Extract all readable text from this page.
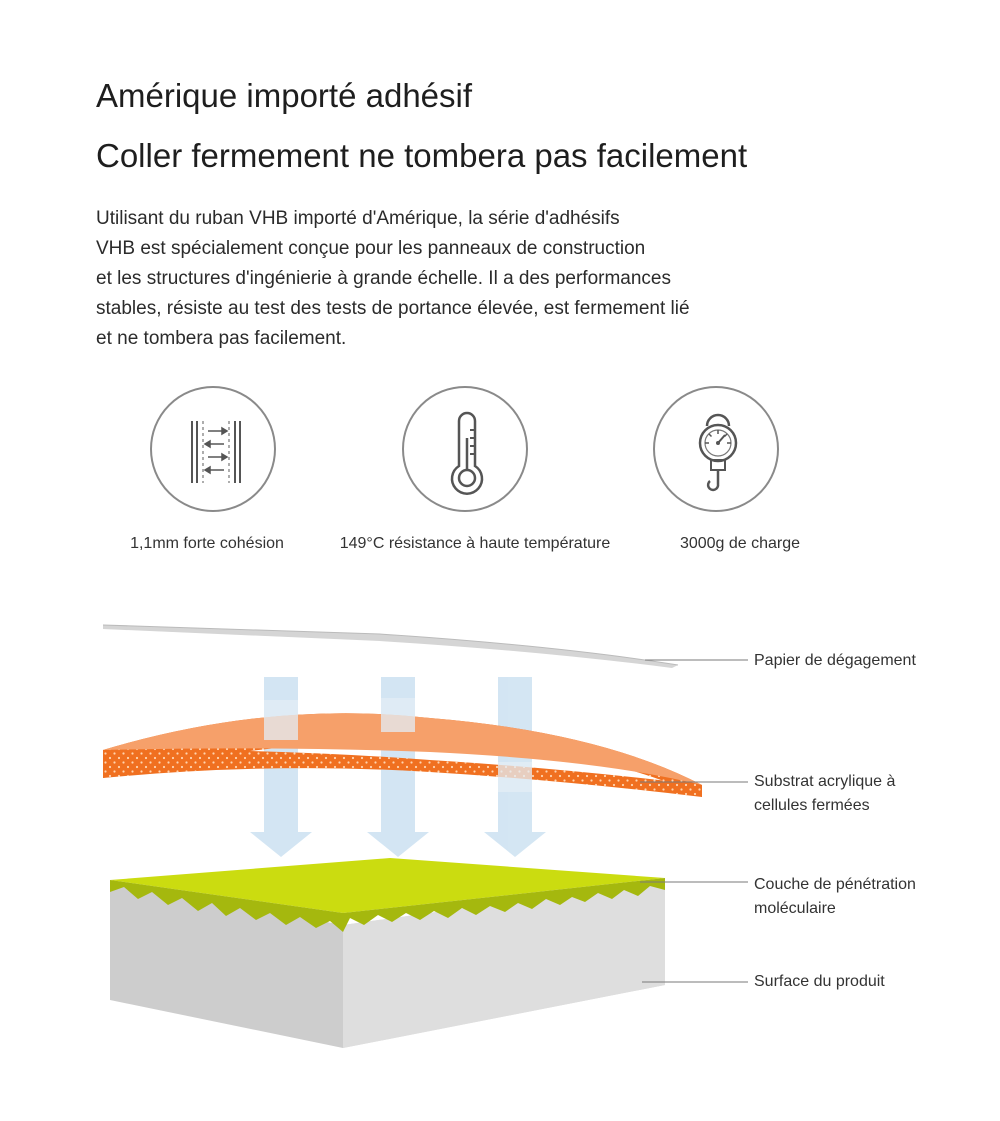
Amérique importé adhésif
Coller fermement ne tombera pas facilement
Utilisant du ruban VHB importé d'Amérique, la série d'adhésifs
VHB est spécialement conçue pour les panneaux de construction
et les structures d'ingénierie à grande échelle. Il a des performances
stables, résiste au test des tests de portance élevée, est fermement lié
et ne tombera pas facilement.
1,1mm forte cohésion	149°C résistance à haute température	3000g de charge
Papier de dégagement
Substrat acrylique à
cellules fermées
Couche de pénétration
moléculaire
Surface du produit
